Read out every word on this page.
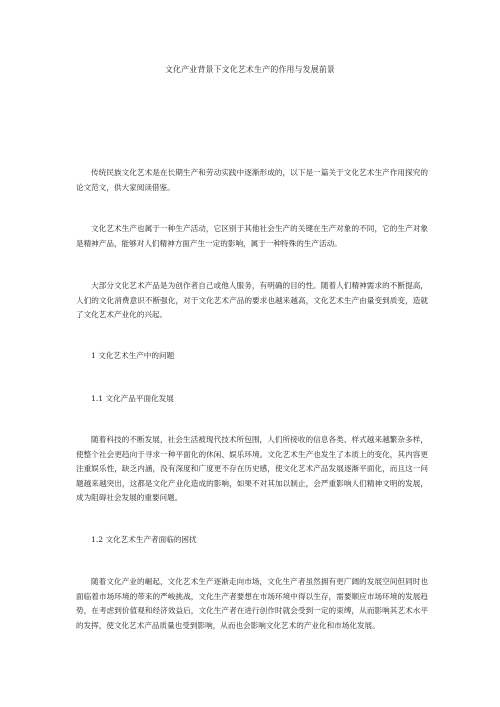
文化产业背景下文化艺术生产的作用与发展前景

传统民族文化艺术是在长期生产和劳动实践中逐渐形成的，以下是一篇关于文化艺术生产作用探究的论文范文，供大家阅读借鉴。

文化艺术生产也属于一种生产活动，它区别于其他社会生产的关键在生产对象的不同，它的生产对象是精神产品，能够对人们精神方面产生一定的影响，属于一种特殊的生产活动。

大部分文化艺术产品是为创作者自己或他人服务，有明确的目的性。随着人们精神需求的不断提高，人们的文化消费意识不断强化，对于文化艺术产品的要求也越来越高，文化艺术生产由量变到质变，造就了文化艺术产业化的兴起。

1 文化艺术生产中的问题
1.1 文化产品平面化发展

随着科技的不断发展，社会生活被现代技术所包围，人们所接收的信息各类、样式越来越繁杂多样，使整个社会更趋向于寻求一种平面化的休闲、娱乐环境。文化艺术生产也发生了本质上的变化，其内容更注重娱乐性，缺乏内涵，没有深度和广度更不存在历史感，使文化艺术产品发展逐渐平面化，而且这一问题越来越突出，这都是文化产业化造成的影响，如果不对其加以制止，会严重影响人们精神文明的发展，成为阻碍社会发展的重要问题。

1.2 文化艺术生产者面临的困扰

随着文化产业的崛起，文化艺术生产逐渐走向市场，文化生产者虽然拥有更广阔的发展空间但同时也面临着市场环境的带来的严峻挑战，文化生产者要想在市场环境中得以生存，需要顺应市场环境的发展趋势，在考虑到价值观和经济效益后，文化生产者在进行创作时就会受到一定的束缚，从而影响其艺术水平的发挥，使文化艺术产品质量也受到影响，从而也会影响文化艺术的产业化和市场化发展。
